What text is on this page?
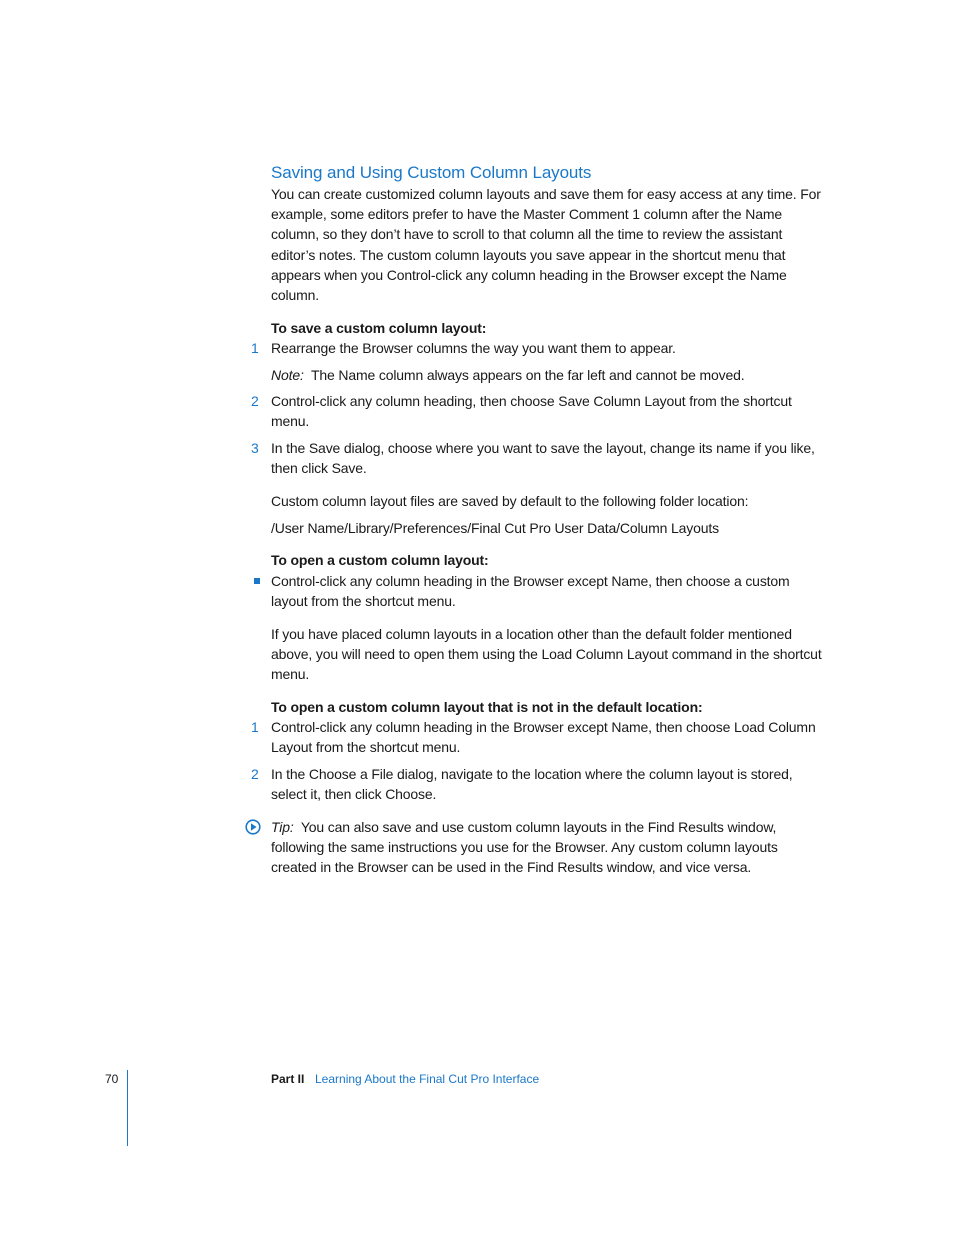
Saving and Using Custom Column Layouts

You can create customized column layouts and save them for easy access at any time. For example, some editors prefer to have the Master Comment 1 column after the Name column, so they don’t have to scroll to that column all the time to review the assistant editor’s notes. The custom column layouts you save appear in the shortcut menu that appears when you Control-click any column heading in the Browser except the Name column.

To save a custom column layout:

1 Rearrange the Browser columns the way you want them to appear.

Note: The Name column always appears on the far left and cannot be moved.

2 Control-click any column heading, then choose Save Column Layout from the shortcut menu.

3 In the Save dialog, choose where you want to save the layout, change its name if you like, then click Save.

Custom column layout files are saved by default to the following folder location:

/User Name/Library/Preferences/Final Cut Pro User Data/Column Layouts

To open a custom column layout:

Control-click any column heading in the Browser except Name, then choose a custom layout from the shortcut menu.

If you have placed column layouts in a location other than the default folder mentioned above, you will need to open them using the Load Column Layout command in the shortcut menu.

To open a custom column layout that is not in the default location:

1 Control-click any column heading in the Browser except Name, then choose Load Column Layout from the shortcut menu.

2 In the Choose a File dialog, navigate to the location where the column layout is stored, select it, then click Choose.

Tip: You can also save and use custom column layouts in the Find Results window, following the same instructions you use for the Browser. Any custom column layouts created in the Browser can be used in the Find Results window, and vice versa.

70	Part II Learning About the Final Cut Pro Interface
